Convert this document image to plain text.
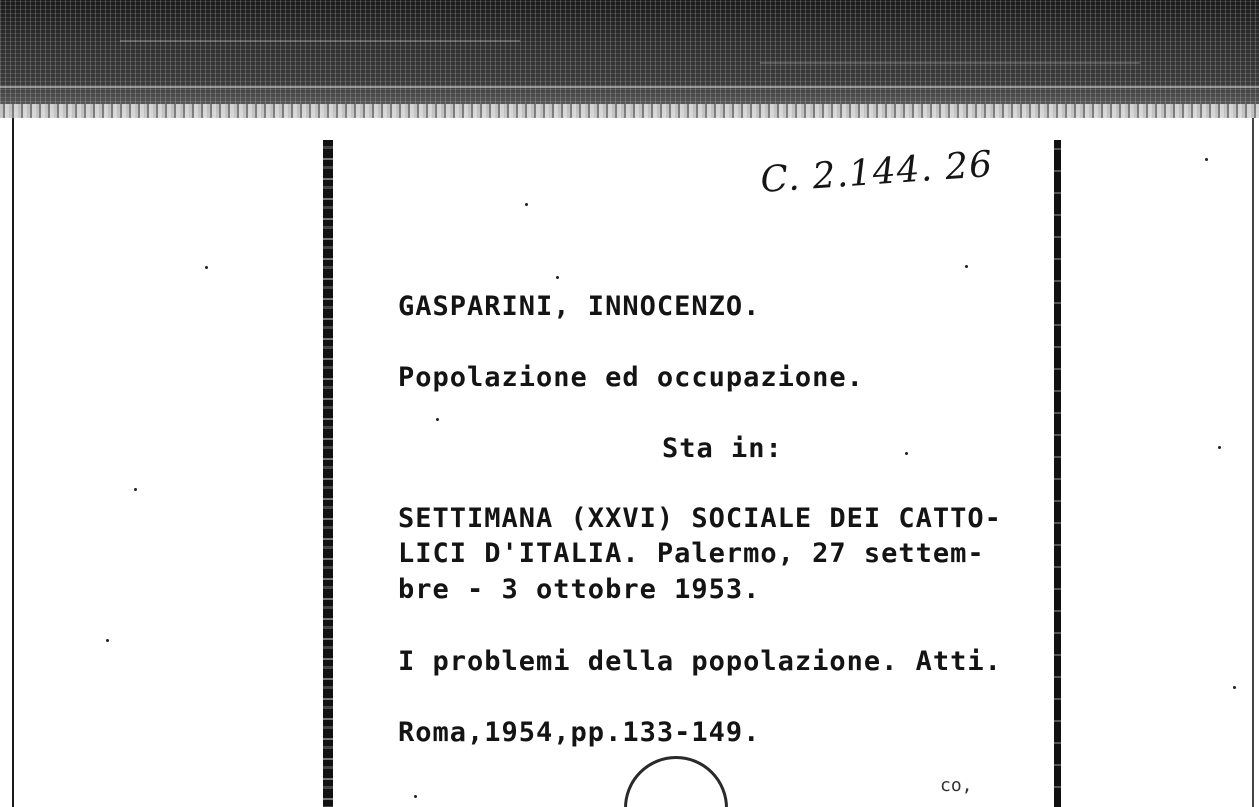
C. 2.144. 26
GASPARINI, INNOCENZO.
Popolazione ed occupazione.
Sta in:
SETTIMANA (XXVI) SOCIALE DEI CATTO-
LICI D'ITALIA. Palermo, 27 settem-
bre - 3 ottobre 1953.
I problemi della popolazione. Atti.
Roma,1954,pp.133-149.
co,
